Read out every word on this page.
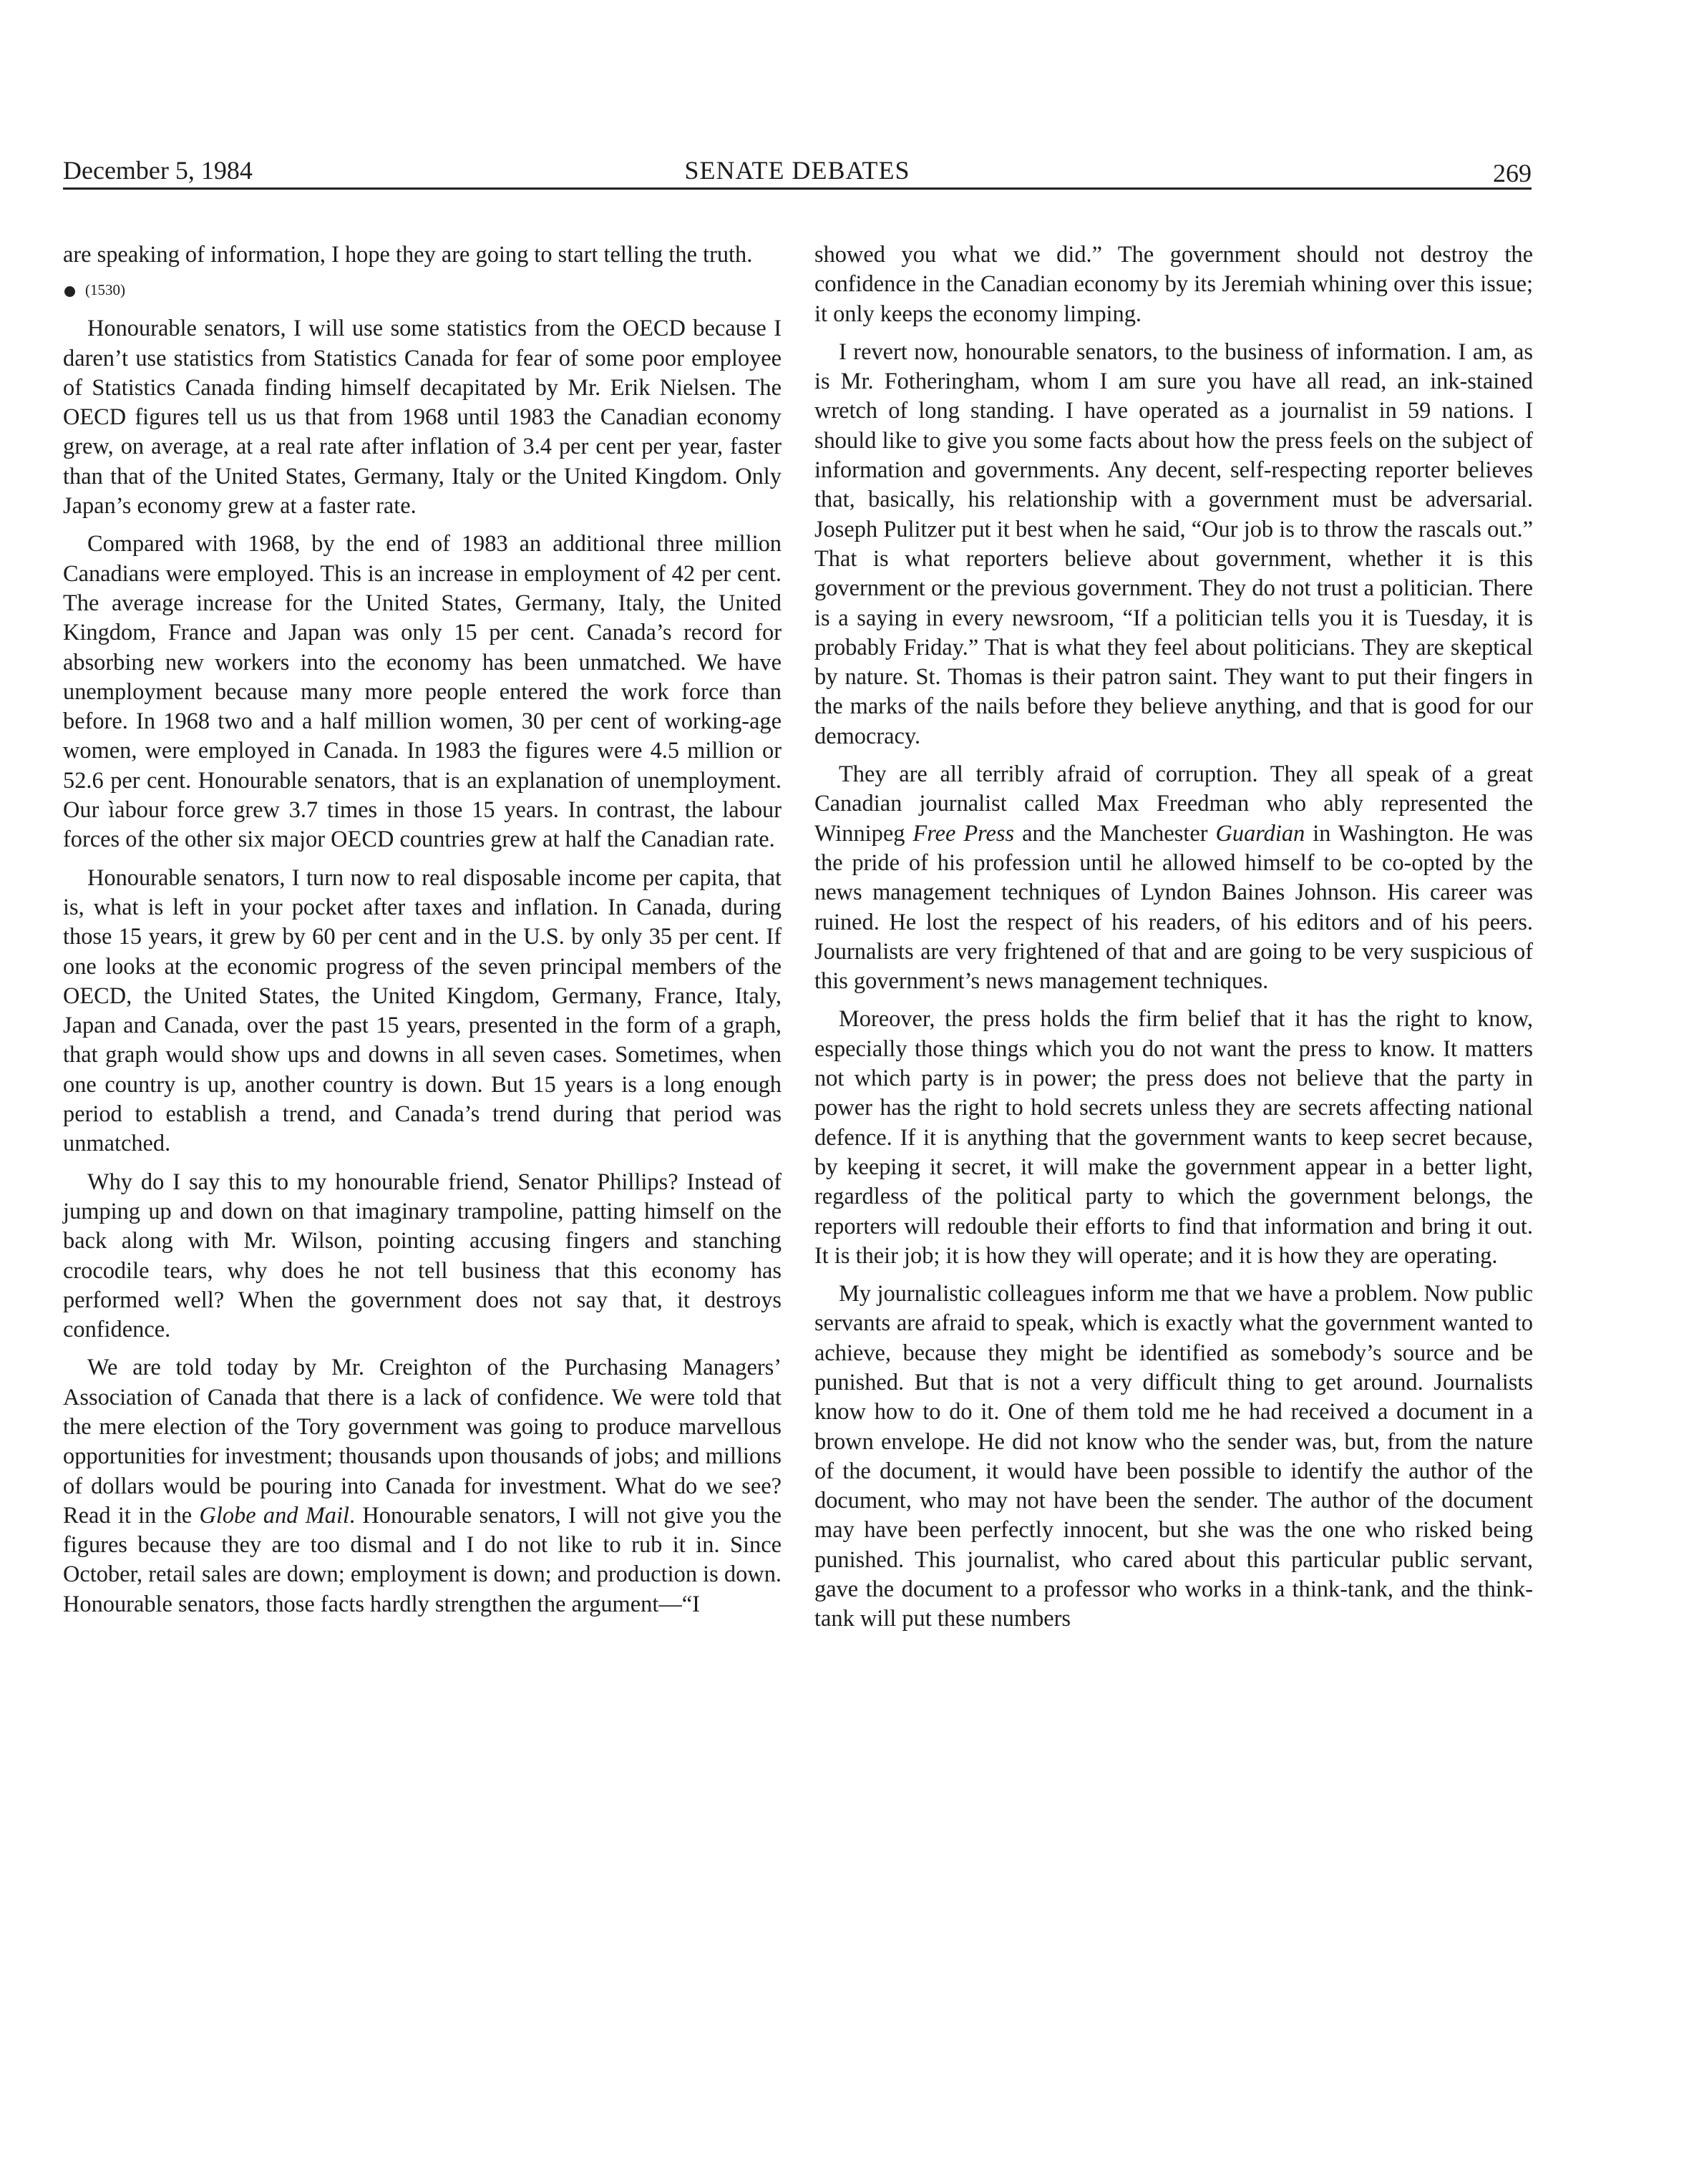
December 5, 1984	SENATE DEBATES	269

are speaking of information, I hope they are going to start telling the truth.

(1530)

Honourable senators, I will use some statistics from the OECD because I daren’t use statistics from Statistics Canada for fear of some poor employee of Statistics Canada finding himself decapitated by Mr. Erik Nielsen. The OECD figures tell us us that from 1968 until 1983 the Canadian economy grew, on average, at a real rate after inflation of 3.4 per cent per year, faster than that of the United States, Germany, Italy or the United Kingdom. Only Japan’s economy grew at a faster rate.

Compared with 1968, by the end of 1983 an additional three million Canadians were employed. This is an increase in employment of 42 per cent. The average increase for the United States, Germany, Italy, the United Kingdom, France and Japan was only 15 per cent. Canada’s record for absorbing new workers into the economy has been unmatched. We have unemployment because many more people entered the work force than before. In 1968 two and a half million women, 30 per cent of working-age women, were employed in Canada. In 1983 the figures were 4.5 million or 52.6 per cent. Honourable senators, that is an explanation of unemployment. Our ìabour force grew 3.7 times in those 15 years. In contrast, the labour forces of the other six major OECD countries grew at half the Canadian rate.

Honourable senators, I turn now to real disposable income per capita, that is, what is left in your pocket after taxes and inflation. In Canada, during those 15 years, it grew by 60 per cent and in the U.S. by only 35 per cent. If one looks at the economic progress of the seven principal members of the OECD, the United States, the United Kingdom, Germany, France, Italy, Japan and Canada, over the past 15 years, presented in the form of a graph, that graph would show ups and downs in all seven cases. Sometimes, when one country is up, another country is down. But 15 years is a long enough period to establish a trend, and Canada’s trend during that period was unmatched.

Why do I say this to my honourable friend, Senator Phillips? Instead of jumping up and down on that imaginary trampoline, patting himself on the back along with Mr. Wilson, pointing accusing fingers and stanching crocodile tears, why does he not tell business that this economy has performed well? When the government does not say that, it destroys confidence.

We are told today by Mr. Creighton of the Purchasing Managers’ Association of Canada that there is a lack of confidence. We were told that the mere election of the Tory government was going to produce marvellous opportunities for investment; thousands upon thousands of jobs; and millions of dollars would be pouring into Canada for investment. What do we see? Read it in the Globe and Mail. Honourable senators, I will not give you the figures because they are too dismal and I do not like to rub it in. Since October, retail sales are down; employment is down; and production is down. Honourable senators, those facts hardly strengthen the argument—“I

showed you what we did.” The government should not destroy the confidence in the Canadian economy by its Jeremiah whining over this issue; it only keeps the economy limping.

I revert now, honourable senators, to the business of information. I am, as is Mr. Fotheringham, whom I am sure you have all read, an ink-stained wretch of long standing. I have operated as a journalist in 59 nations. I should like to give you some facts about how the press feels on the subject of information and governments. Any decent, self-respecting reporter believes that, basically, his relationship with a government must be adversarial. Joseph Pulitzer put it best when he said, “Our job is to throw the rascals out.” That is what reporters believe about government, whether it is this government or the previous government. They do not trust a politician. There is a saying in every newsroom, “If a politician tells you it is Tuesday, it is probably Friday.” That is what they feel about politicians. They are skeptical by nature. St. Thomas is their patron saint. They want to put their fingers in the marks of the nails before they believe anything, and that is good for our democracy.

They are all terribly afraid of corruption. They all speak of a great Canadian journalist called Max Freedman who ably represented the Winnipeg Free Press and the Manchester Guardian in Washington. He was the pride of his profession until he allowed himself to be co-opted by the news management techniques of Lyndon Baines Johnson. His career was ruined. He lost the respect of his readers, of his editors and of his peers. Journalists are very frightened of that and are going to be very suspicious of this government’s news management techniques.

Moreover, the press holds the firm belief that it has the right to know, especially those things which you do not want the press to know. It matters not which party is in power; the press does not believe that the party in power has the right to hold secrets unless they are secrets affecting national defence. If it is anything that the government wants to keep secret because, by keeping it secret, it will make the government appear in a better light, regardless of the political party to which the government belongs, the reporters will redouble their efforts to find that information and bring it out. It is their job; it is how they will operate; and it is how they are operating.

My journalistic colleagues inform me that we have a problem. Now public servants are afraid to speak, which is exactly what the government wanted to achieve, because they might be identified as somebody’s source and be punished. But that is not a very difficult thing to get around. Journalists know how to do it. One of them told me he had received a document in a brown envelope. He did not know who the sender was, but, from the nature of the document, it would have been possible to identify the author of the document, who may not have been the sender. The author of the document may have been perfectly innocent, but she was the one who risked being punished. This journalist, who cared about this particular public servant, gave the document to a professor who works in a think-tank, and the think-tank will put these numbers
